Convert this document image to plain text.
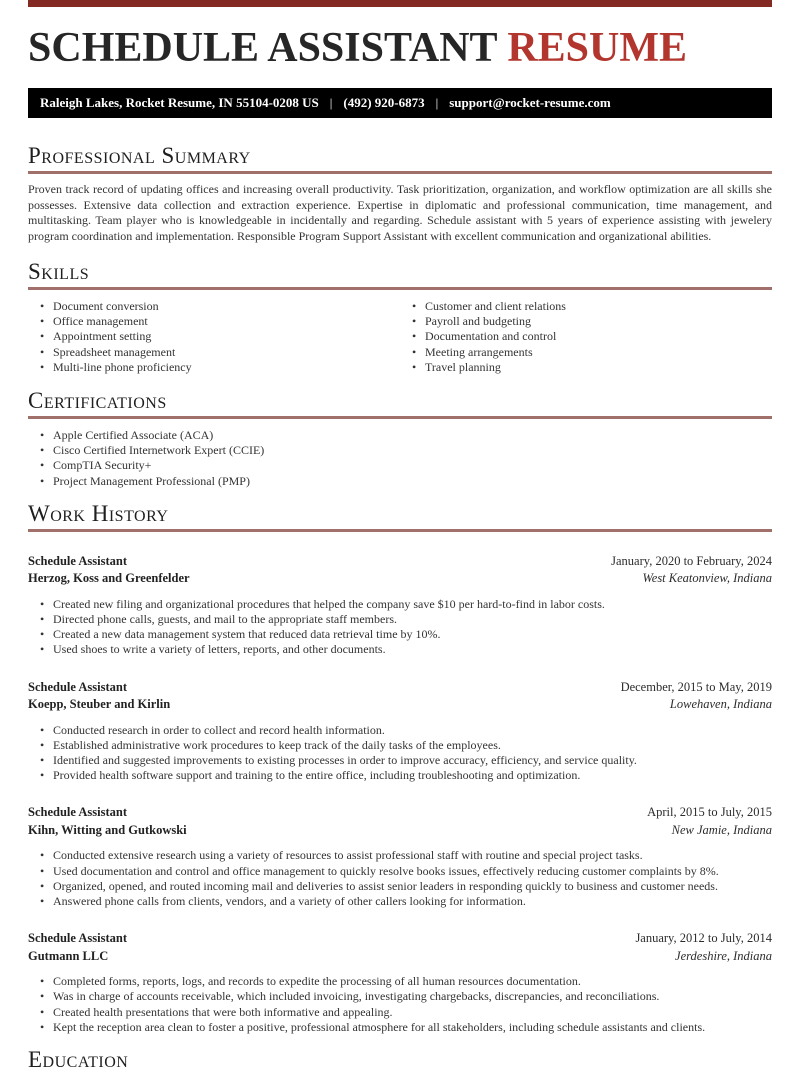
SCHEDULE ASSISTANT RESUME
Raleigh Lakes, Rocket Resume, IN 55104-0208 US | (492) 920-6873 | support@rocket-resume.com
Professional Summary

Proven track record of updating offices and increasing overall productivity. Task prioritization, organization, and workflow optimization are all skills she possesses. Extensive data collection and extraction experience. Expertise in diplomatic and professional communication, time management, and multitasking. Team player who is knowledgeable in incidentally and regarding. Schedule assistant with 5 years of experience assisting with jewelery program coordination and implementation. Responsible Program Support Assistant with excellent communication and organizational abilities.

Skills
• Document conversion
• Office management
• Appointment setting
• Spreadsheet management
• Multi-line phone proficiency
• Customer and client relations
• Payroll and budgeting
• Documentation and control
• Meeting arrangements
• Travel planning
Certifications
• Apple Certified Associate (ACA)
• Cisco Certified Internetwork Expert (CCIE)
• CompTIA Security+
• Project Management Professional (PMP)
Work History
Schedule Assistant	January, 2020 to February, 2024
Herzog, Koss and Greenfelder	West Keatonview, Indiana
• Created new filing and organizational procedures that helped the company save $10 per hard-to-find in labor costs.
• Directed phone calls, guests, and mail to the appropriate staff members.
• Created a new data management system that reduced data retrieval time by 10%.
• Used shoes to write a variety of letters, reports, and other documents.
Schedule Assistant	December, 2015 to May, 2019
Koepp, Steuber and Kirlin	Lowehaven, Indiana
• Conducted research in order to collect and record health information.
• Established administrative work procedures to keep track of the daily tasks of the employees.
• Identified and suggested improvements to existing processes in order to improve accuracy, efficiency, and service quality.
• Provided health software support and training to the entire office, including troubleshooting and optimization.
Schedule Assistant	April, 2015 to July, 2015
Kihn, Witting and Gutkowski	New Jamie, Indiana
• Conducted extensive research using a variety of resources to assist professional staff with routine and special project tasks.
• Used documentation and control and office management to quickly resolve books issues, effectively reducing customer complaints by 8%.
• Organized, opened, and routed incoming mail and deliveries to assist senior leaders in responding quickly to business and customer needs.
• Answered phone calls from clients, vendors, and a variety of other callers looking for information.
Schedule Assistant	January, 2012 to July, 2014
Gutmann LLC	Jerdeshire, Indiana
• Completed forms, reports, logs, and records to expedite the processing of all human resources documentation.
• Was in charge of accounts receivable, which included invoicing, investigating chargebacks, discrepancies, and reconciliations.
• Created health presentations that were both informative and appealing.
• Kept the reception area clean to foster a positive, professional atmosphere for all stakeholders, including schedule assistants and clients.
Education
